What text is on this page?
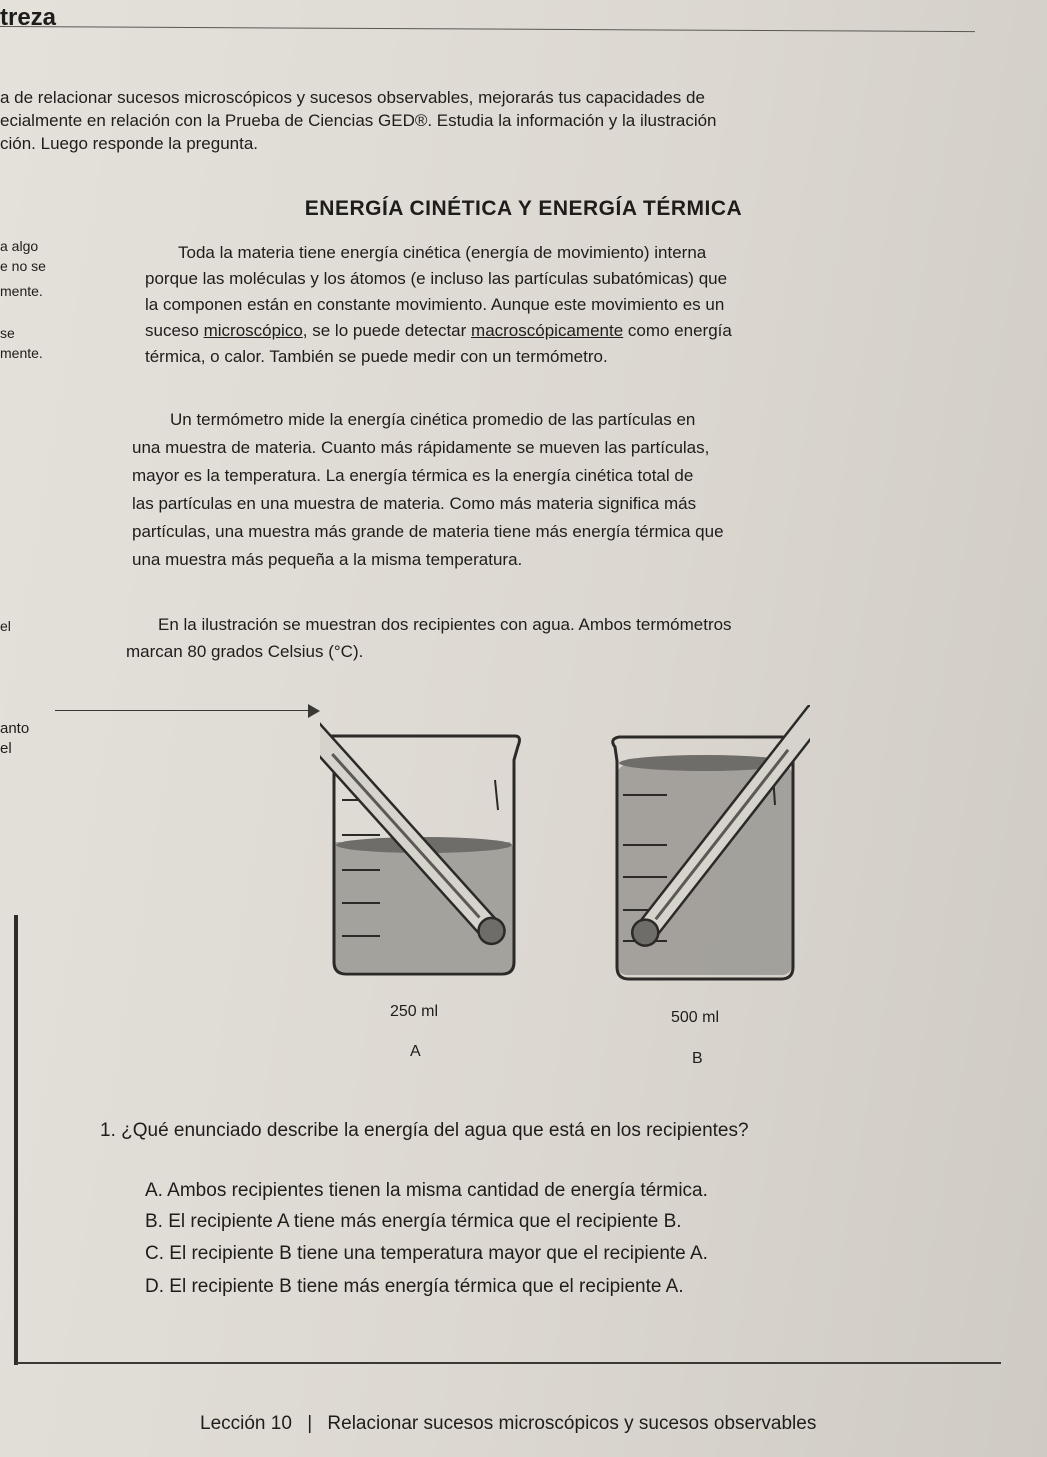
treza
a de relacionar sucesos microscópicos y sucesos observables, mejorarás tus capacidades de
ecialmente en relación con la Prueba de Ciencias GED®. Estudia la información y la ilustración
ción. Luego responde la pregunta.
ENERGÍA CINÉTICA Y ENERGÍA TÉRMICA
a algo
e no se
mente.
se
mente.
Toda la materia tiene energía cinética (energía de movimiento) interna
porque las moléculas y los átomos (e incluso las partículas subatómicas) que
la componen están en constante movimiento. Aunque este movimiento es un
suceso microscópico, se lo puede detectar macroscópicamente como energía
térmica, o calor. También se puede medir con un termómetro.
Un termómetro mide la energía cinética promedio de las partículas en
una muestra de materia. Cuanto más rápidamente se mueven las partículas,
mayor es la temperatura. La energía térmica es la energía cinética total de
las partículas en una muestra de materia. Como más materia significa más
partículas, una muestra más grande de materia tiene más energía térmica que
una muestra más pequeña a la misma temperatura.
el	En la ilustración se muestran dos recipientes con agua. Ambos termómetros
marcan 80 grados Celsius (°C).
anto
el
250 ml	500 ml
A	B
1. ¿Qué enunciado describe la energía del agua que está en los recipientes?
A. Ambos recipientes tienen la misma cantidad de energía térmica.
B. El recipiente A tiene más energía térmica que el recipiente B.
C. El recipiente B tiene una temperatura mayor que el recipiente A.
D. El recipiente B tiene más energía térmica que el recipiente A.
Lección 10 | Relacionar sucesos microscópicos y sucesos observables
